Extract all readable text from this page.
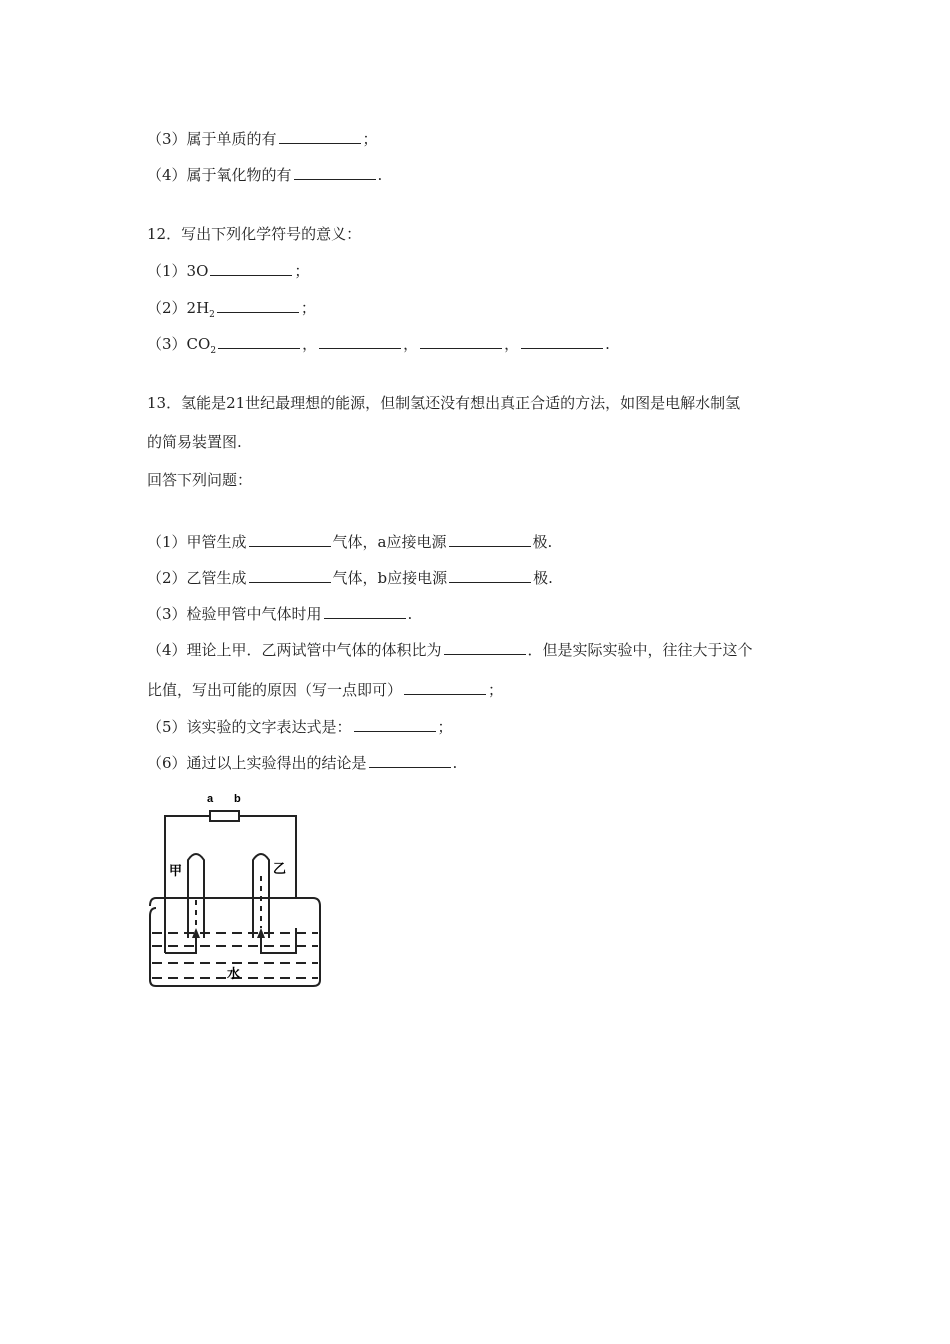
（3）属于单质的有	；
（4）属于氧化物的有	.
12．写出下列化学符号的意义：
（1）3O	；
$(2)2H_2$	；
$(3)CO_2$	，	，	，	.
13．氢能是21世纪最理想的能源，但制氢还没有想出真正合适的方法，如图是电解水制氢
的简易装置图.
回答下列问题：
（1）甲管生成	气体，a应接电源	极.
（2）乙管生成	气体，b应接电源	极.
（3）检验甲管中气体时用	.
（4）理论上甲．乙两试管中气体的体积比为	．但是实际实验中，往往大于这个
比值，写出可能的原因（写一点即可）	；
（5）该实验的文字表达式是：	；
（6）通过以上实验得出的结论是	.
a b
甲	乙
水
